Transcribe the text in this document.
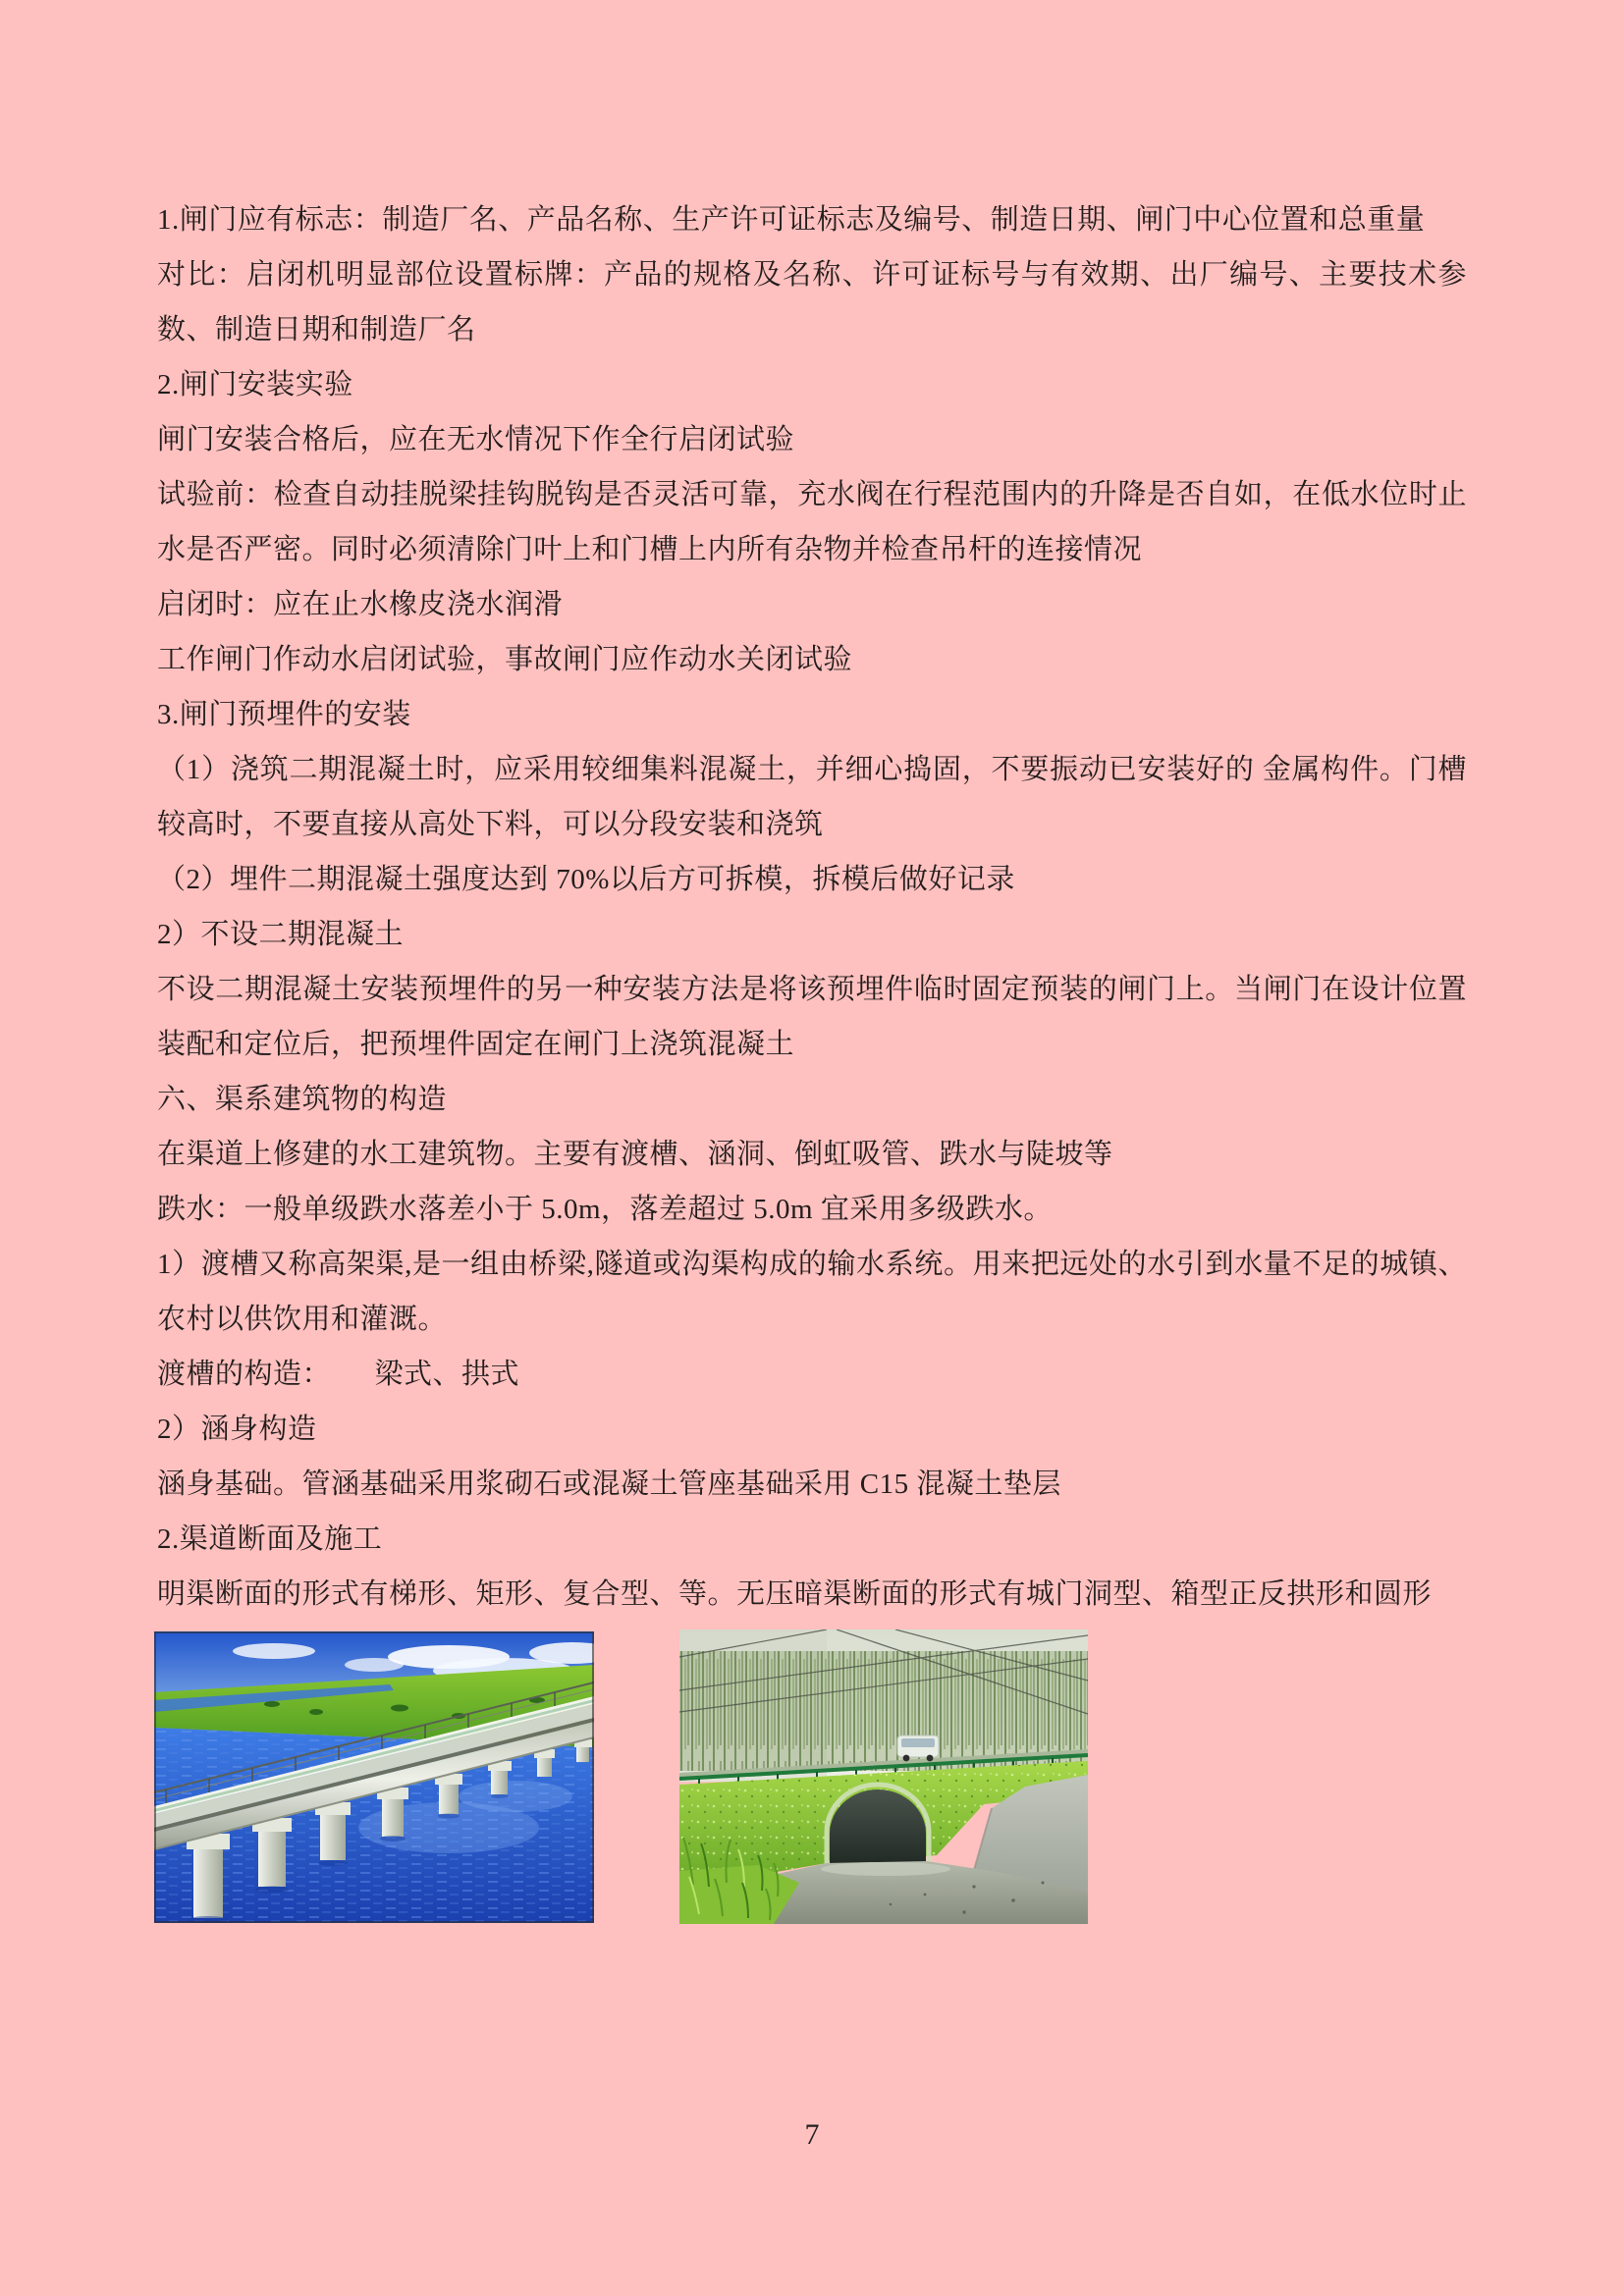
1.闸门应有标志：制造厂名、产品名称、生产许可证标志及编号、制造日期、闸门中心位置和总重量

对比：启闭机明显部位设置标牌：产品的规格及名称、许可证标号与有效期、出厂编号、主要技术参数、制造日期和制造厂名

2.闸门安装实验

闸门安装合格后，应在无水情况下作全行启闭试验

试验前：检查自动挂脱梁挂钩脱钩是否灵活可靠，充水阀在行程范围内的升降是否自如，在低水位时止水是否严密。同时必须清除门叶上和门槽上内所有杂物并检查吊杆的连接情况

启闭时：应在止水橡皮浇水润滑

工作闸门作动水启闭试验，事故闸门应作动水关闭试验

3.闸门预埋件的安装

（1）浇筑二期混凝土时，应采用较细集料混凝土，并细心捣固，不要振动已安装好的 金属构件。门槽较高时，不要直接从高处下料，可以分段安装和浇筑

（2）埋件二期混凝土强度达到 70%以后方可拆模，拆模后做好记录

2）不设二期混凝土

不设二期混凝土安装预埋件的另一种安装方法是将该预埋件临时固定预装的闸门上。当闸门在设计位置装配和定位后，把预埋件固定在闸门上浇筑混凝土

六、渠系建筑物的构造

在渠道上修建的水工建筑物。主要有渡槽、涵洞、倒虹吸管、跌水与陡坡等

跌水：一般单级跌水落差小于 5.0m，落差超过 5.0m 宜采用多级跌水。

1）渡槽又称高架渠,是一组由桥梁,隧道或沟渠构成的输水系统。用来把远处的水引到水量不足的城镇、农村以供饮用和灌溉。

渡槽的构造：　　梁式、拱式

2）涵身构造

涵身基础。管涵基础采用浆砌石或混凝土管座基础采用 C15 混凝土垫层

2.渠道断面及施工

明渠断面的形式有梯形、矩形、复合型、等。无压暗渠断面的形式有城门洞型、箱型正反拱形和圆形

7
